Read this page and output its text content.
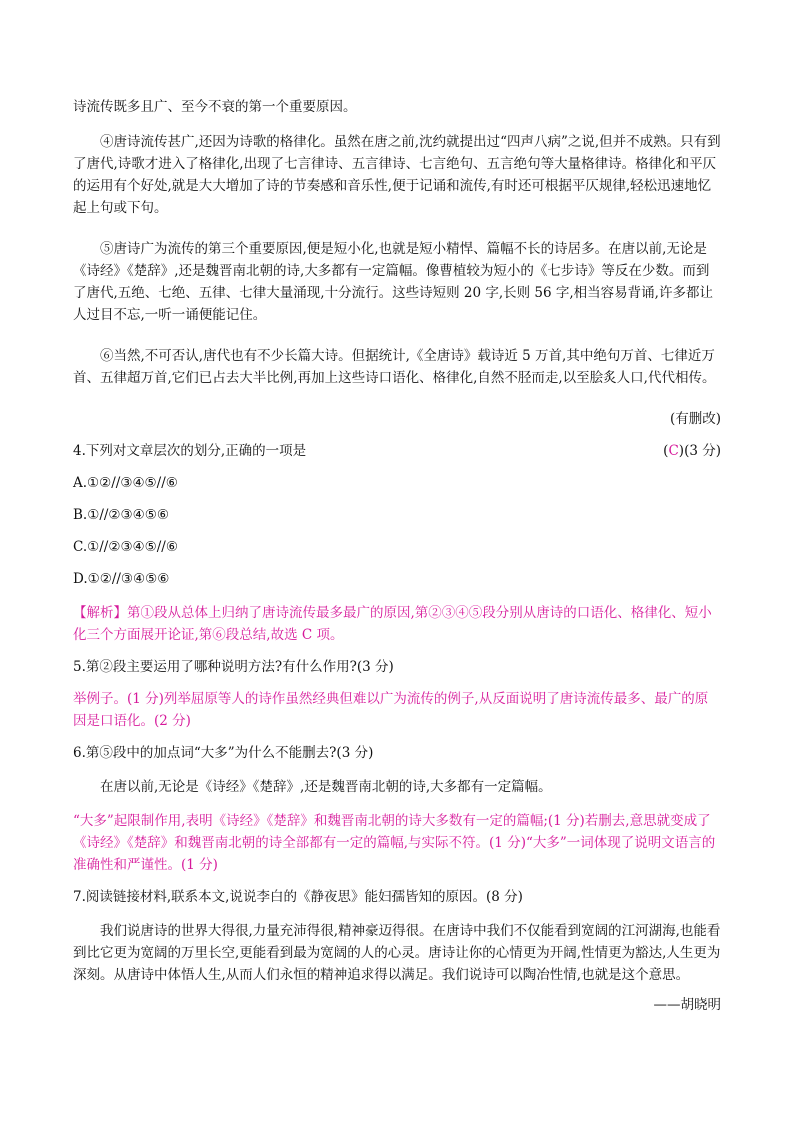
诗流传既多且广、至今不衰的第一个重要原因。

④唐诗流传甚广,还因为诗歌的格律化。虽然在唐之前,沈约就提出过“四声八病”之说,但并不成熟。只有到了唐代,诗歌才进入了格律化,出现了七言律诗、五言律诗、七言绝句、五言绝句等大量格律诗。格律化和平仄的运用有个好处,就是大大增加了诗的节奏感和音乐性,便于记诵和流传,有时还可根据平仄规律,轻松迅速地忆起上句或下句。

⑤唐诗广为流传的第三个重要原因,便是短小化,也就是短小精悍、篇幅不长的诗居多。在唐以前,无论是《诗经》《楚辞》,还是魏晋南北朝的诗,大多都有一定篇幅。像曹植较为短小的《七步诗》等反在少数。而到了唐代,五绝、七绝、五律、七律大量涌现,十分流行。这些诗短则 20 字,长则 56 字,相当容易背诵,许多都让人过目不忘,一听一诵便能记住。

⑥当然,不可否认,唐代也有不少长篇大诗。但据统计,《全唐诗》载诗近 5 万首,其中绝句万首、七律近万首、五律超万首,它们已占去大半比例,再加上这些诗口语化、格律化,自然不胫而走,以至脍炙人口,代代相传。

(有删改)

4.下列对文章层次的划分,正确的一项是	(C)(3 分)

A.①②//③④⑤//⑥

B.①//②③④⑤⑥

C.①//②③④⑤//⑥

D.①②//③④⑤⑥

【解析】第①段从总体上归纳了唐诗流传最多最广的原因,第②③④⑤段分别从唐诗的口语化、格律化、短小化三个方面展开论证,第⑥段总结,故选 C 项。

5.第②段主要运用了哪种说明方法?有什么作用?(3 分)

举例子。(1 分)列举屈原等人的诗作虽然经典但难以广为流传的例子,从反面说明了唐诗流传最多、最广的原因是口语化。(2 分)

6.第⑤段中的加点词“大多”为什么不能删去?(3 分)

在唐以前,无论是《诗经》《楚辞》,还是魏晋南北朝的诗,大多都有一定篇幅。

“大多”起限制作用,表明《诗经》《楚辞》和魏晋南北朝的诗大多数有一定的篇幅;(1 分)若删去,意思就变成了《诗经》《楚辞》和魏晋南北朝的诗全部都有一定的篇幅,与实际不符。(1 分)“大多”一词体现了说明文语言的准确性和严谨性。(1 分)

7.阅读链接材料,联系本文,说说李白的《静夜思》能妇孺皆知的原因。(8 分)

我们说唐诗的世界大得很,力量充沛得很,精神豪迈得很。在唐诗中我们不仅能看到宽阔的江河湖海,也能看到比它更为宽阔的万里长空,更能看到最为宽阔的人的心灵。唐诗让你的心情更为开阔,性情更为豁达,人生更为深刻。从唐诗中体悟人生,从而人们永恒的精神追求得以满足。我们说诗可以陶冶性情,也就是这个意思。

——胡晓明
